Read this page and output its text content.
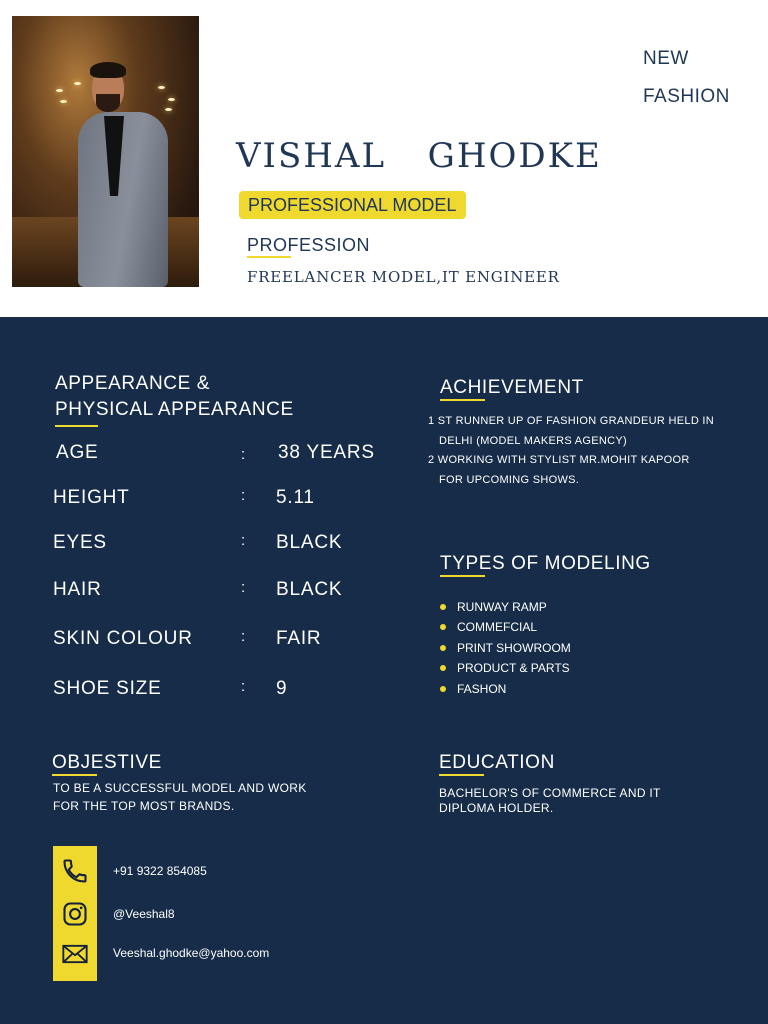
NEW
FASHION
VISHAL  GHODKE
PROFESSIONAL MODEL
PROFESSION
FREELANCER MODEL,IT ENGINEER
APPEARANCE &
PHYSICAL APPEARANCE
AGE	: 38 YEARS
HEIGHT	: 5.11
EYES	: BLACK
HAIR	: BLACK
SKIN COLOUR	: FAIR
SHOE SIZE	: 9
ACHIEVEMENT
1 ST RUNNER UP OF FASHION GRANDEUR HELD IN
DELHI (MODEL MAKERS AGENCY)
2 WORKING WITH STYLIST MR.MOHIT KAPOOR
FOR UPCOMING SHOWS.
TYPES OF MODELING
RUNWAY RAMP
COMMEFCIAL
PRINT SHOWROOM
PRODUCT & PARTS
FASHON
OBJESTIVE
TO BE A SUCCESSFUL MODEL AND WORK
FOR THE TOP MOST BRANDS.
EDUCATION
BACHELOR'S OF COMMERCE AND IT
DIPLOMA HOLDER.
+91 9322 854085
@Veeshal8
Veeshal.ghodke@yahoo.com
